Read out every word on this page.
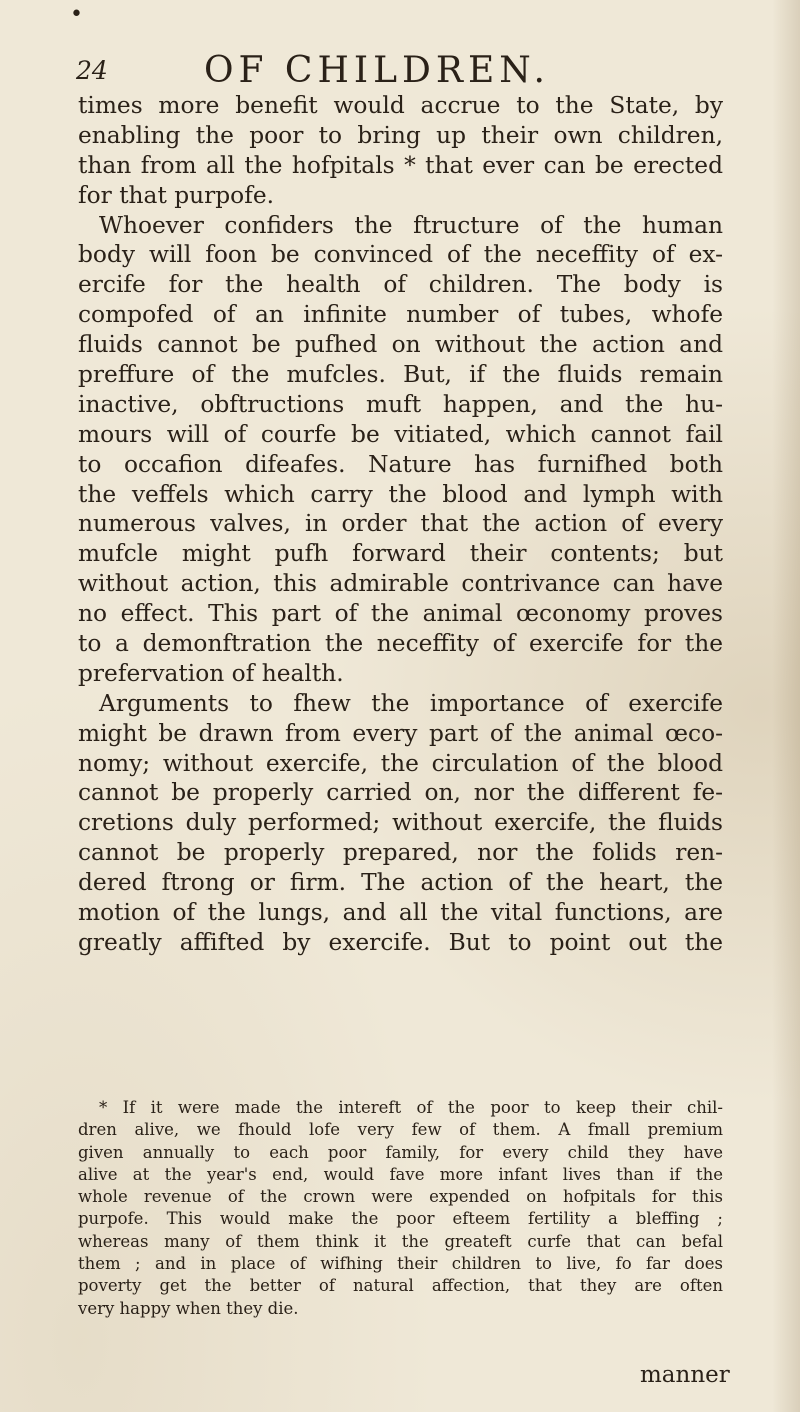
•
24	OF CHILDREN.
times more benefit would accrue to the State, by
enabling the poor to bring up their own children,
than from all the hofpitals * that ever can be erected
for that purpofe.
Whoever confiders the ftructure of the human
body will foon be convinced of the neceffity of ex-
ercife for the health of children. The body is
compofed of an infinite number of tubes, whofe
fluids cannot be pufhed on without the action and
preffure of the mufcles. But, if the fluids remain
inactive, obftructions muft happen, and the hu-
mours will of courfe be vitiated, which cannot fail
to occafion difeafes. Nature has furnifhed both
the veffels which carry the blood and lymph with
numerous valves, in order that the action of every
mufcle might pufh forward their contents; but
without action, this admirable contrivance can have
no effect. This part of the animal œconomy proves
to a demonftration the neceffity of exercife for the
prefervation of health.
Arguments to fhew the importance of exercife
might be drawn from every part of the animal œco-
nomy; without exercife, the circulation of the blood
cannot be properly carried on, nor the different fe-
cretions duly performed; without exercife, the fluids
cannot be properly prepared, nor the folids ren-
dered ftrong or firm. The action of the heart, the
motion of the lungs, and all the vital functions, are
greatly affifted by exercife. But to point out the
* If it were made the intereft of the poor to keep their chil-
dren alive, we fhould lofe very few of them. A fmall premium
given annually to each poor family, for every child they have
alive at the year's end, would fave more infant lives than if the
whole revenue of the crown were expended on hofpitals for this
purpofe. This would make the poor efteem fertility a bleffing ;
whereas many of them think it the greateft curfe that can befal
them ; and in place of wifhing their children to live, fo far does
poverty get the better of natural affection, that they are often
very happy when they die.
manner
